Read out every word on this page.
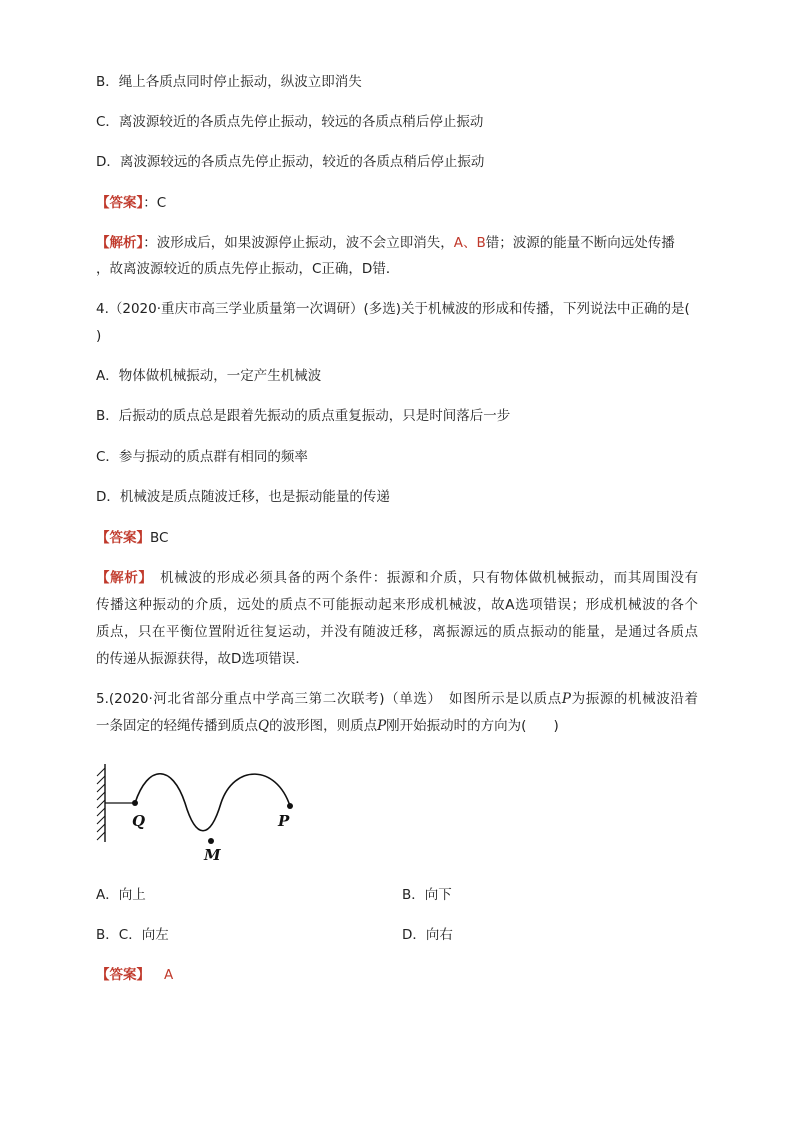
B．绳上各质点同时停止振动，纵波立即消失
C．离波源较近的各质点先停止振动，较远的各质点稍后停止振动
D．离波源较远的各质点先停止振动，较近的各质点稍后停止振动
【答案】：C
【解析】：波形成后，如果波源停止振动，波不会立即消失，A、B错；波源的能量不断向远处传播
，故离波源较近的质点先停止振动，C正确，D错．
4.（2020·重庆市高三学业质量第一次调研）(多选)关于机械波的形成和传播，下列说法中正确的是(
)
A．物体做机械振动，一定产生机械波
B．后振动的质点总是跟着先振动的质点重复振动，只是时间落后一步
C．参与振动的质点群有相同的频率
D．机械波是质点随波迁移，也是振动能量的传递
【答案】BC
【解析】　机械波的形成必须具备的两个条件：振源和介质，只有物体做机械振动，而其周围没有
传播这种振动的介质，远处的质点不可能振动起来形成机械波，故A选项错误；形成机械波的各个
质点，只在平衡位置附近往复运动，并没有随波迁移，离振源远的质点振动的能量，是通过各质点
的传递从振源获得，故D选项错误．
5.(2020·河北省部分重点中学高三第二次联考)（单选）　如图所示是以质点P为振源的机械波沿着
一条固定的轻绳传播到质点Q的波形图，则质点P刚开始振动时的方向为(　　)
Q
M
P
A．向上	B．向下
B．C．向左	D．向右
【答案】 A
